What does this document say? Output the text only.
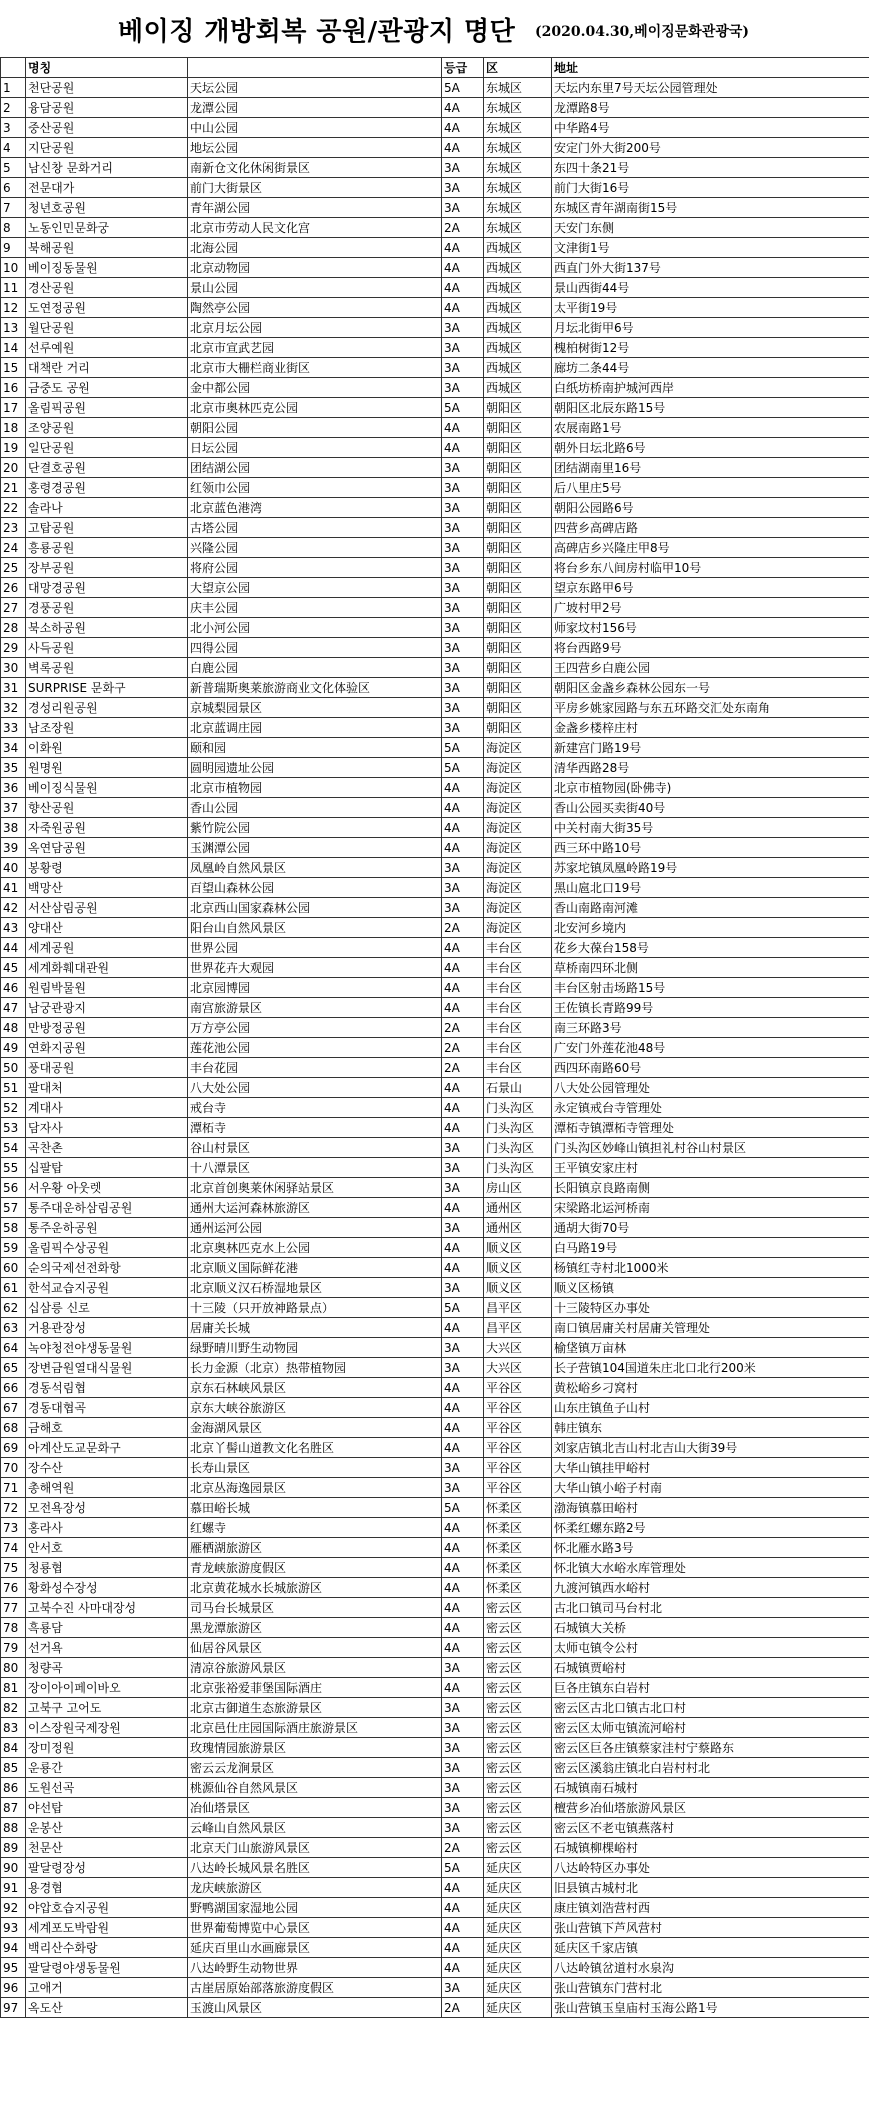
베이징 개방회복 공원/관광지 명단 (2020.04.30,베이징문화관광국)
	명칭		등급	区	地址
1	천단공원	天坛公园	5A	东城区	天坛内东里7号天坛公园管理处
2	융담공원	龙潭公园	4A	东城区	龙潭路8号
3	중산공원	中山公园	4A	东城区	中华路4号
4	지단공원	地坛公园	4A	东城区	安定门外大街200号
5	남신창 문화거리	南新仓文化休闲街景区	3A	东城区	东四十条21号
6	전문대가	前门大街景区	3A	东城区	前门大街16号
7	청년호공원	青年湖公园	3A	东城区	东城区青年湖南街15号
8	노동인민문화궁	北京市劳动人民文化宫	2A	东城区	天安门东侧
9	북해공원	北海公园	4A	西城区	文津街1号
10	베이징동물원	北京动物园	4A	西城区	西直门外大街137号
11	경산공원	景山公园	4A	西城区	景山西街44号
12	도연정공원	陶然亭公园	4A	西城区	太平街19号
13	월단공원	北京月坛公园	3A	西城区	月坛北街甲6号
14	선루예원	北京市宣武艺园	3A	西城区	槐柏树街12号
15	대책란 거리	北京市大栅栏商业街区	3A	西城区	廊坊二条44号
16	금중도 공원	金中都公园	3A	西城区	白纸坊桥南护城河西岸
17	올림픽공원	北京市奥林匹克公园	5A	朝阳区	朝阳区北辰东路15号
18	조양공원	朝阳公园	4A	朝阳区	农展南路1号
19	일단공원	日坛公园	4A	朝阳区	朝外日坛北路6号
20	단결호공원	团结湖公园	3A	朝阳区	团结湖南里16号
21	홍령경공원	红领巾公园	3A	朝阳区	后八里庄5号
22	솔라나	北京蓝色港湾	3A	朝阳区	朝阳公园路6号
23	고탑공원	古塔公园	3A	朝阳区	四营乡高碑店路
24	흥룡공원	兴隆公园	3A	朝阳区	高碑店乡兴隆庄甲8号
25	장부공원	将府公园	3A	朝阳区	将台乡东八间房村临甲10号
26	대망경공원	大望京公园	3A	朝阳区	望京东路甲6号
27	경풍공원	庆丰公园	3A	朝阳区	广坡村甲2号
28	북소하공원	北小河公园	3A	朝阳区	师家坟村156号
29	사득공원	四得公园	3A	朝阳区	将台西路9号
30	벽록공원	白鹿公园	3A	朝阳区	王四营乡白鹿公园
31	SURPRISE 문화구	新普瑞斯奥莱旅游商业文化体验区	3A	朝阳区	朝阳区金盏乡森林公园东一号
32	경성리원공원	京城梨园景区	3A	朝阳区	平房乡姚家园路与东五环路交汇处东南角
33	남조장원	北京蓝调庄园	3A	朝阳区	金盏乡楼梓庄村
34	이화원	颐和园	5A	海淀区	新建宫门路19号
35	원명원	圆明园遗址公园	5A	海淀区	清华西路28号
36	베이징식물원	北京市植物园	4A	海淀区	北京市植物园(卧佛寺)
37	향산공원	香山公园	4A	海淀区	香山公园买卖街40号
38	자죽원공원	紫竹院公园	4A	海淀区	中关村南大街35号
39	옥연담공원	玉渊潭公园	4A	海淀区	西三环中路10号
40	봉황령	凤凰岭自然风景区	3A	海淀区	苏家坨镇凤凰岭路19号
41	백망산	百望山森林公园	3A	海淀区	黑山扈北口19号
42	서산삼림공원	北京西山国家森林公园	3A	海淀区	香山南路南河滩
43	양대산	阳台山自然风景区	2A	海淀区	北安河乡境内
44	세계공원	世界公园	4A	丰台区	花乡大葆台158号
45	세계화훼대관원	世界花卉大观园	4A	丰台区	草桥南四环北侧
46	원림박물원	北京园博园	4A	丰台区	丰台区射击场路15号
47	남궁관광지	南宫旅游景区	4A	丰台区	王佐镇长青路99号
48	만방정공원	万方亭公园	2A	丰台区	南三环路3号
49	연화지공원	莲花池公园	2A	丰台区	广安门外莲花池48号
50	풍대공원	丰台花园	2A	丰台区	西四环南路60号
51	팔대처	八大处公园	4A	石景山	八大处公园管理处
52	계대사	戒台寺	4A	门头沟区	永定镇戒台寺管理处
53	담자사	潭柘寺	4A	门头沟区	潭柘寺镇潭柘寺管理处
54	곡찬촌	谷山村景区	3A	门头沟区	门头沟区妙峰山镇担礼村谷山村景区
55	십팔탑	十八潭景区	3A	门头沟区	王平镇安家庄村
56	서우황 아웃렛	北京首创奥莱休闲驿站景区	3A	房山区	长阳镇京良路南侧
57	통주대운하삼림공원	通州大运河森林旅游区	4A	通州区	宋梁路北运河桥南
58	통주운하공원	通州运河公园	3A	通州区	通胡大街70号
59	올림픽수상공원	北京奥林匹克水上公园	4A	顺义区	白马路19号
60	순의국제선전화항	北京顺义国际鲜花港	4A	顺义区	杨镇红寺村北1000米
61	한석교습지공원	北京顺义汉石桥湿地景区	3A	顺义区	顺义区杨镇
62	십삼릉 신로	十三陵（只开放神路景点）	5A	昌平区	十三陵特区办事处
63	거용관장성	居庸关长城	4A	昌平区	南口镇居庸关村居庸关管理处
64	녹야청전야생동물원	绿野晴川野生动物园	3A	大兴区	榆垡镇万亩林
65	장변금원열대식물원	长力金源（北京）热带植物园	3A	大兴区	长子营镇104国道朱庄北口北行200米
66	경동석림협	京东石林峡风景区	4A	平谷区	黄松峪乡刁窝村
67	경동대협곡	京东大峡谷旅游区	4A	平谷区	山东庄镇鱼子山村
68	금해호	金海湖风景区	4A	平谷区	韩庄镇东
69	아계산도교문화구	北京丫髻山道教文化名胜区	4A	平谷区	刘家店镇北吉山村北吉山大街39号
70	장수산	长寿山景区	3A	平谷区	大华山镇挂甲峪村
71	총해역원	北京丛海逸园景区	3A	平谷区	大华山镇小峪子村南
72	모전욕장성	慕田峪长城	5A	怀柔区	渤海镇慕田峪村
73	홍라사	红螺寺	4A	怀柔区	怀柔红螺东路2号
74	안서호	雁栖湖旅游区	4A	怀柔区	怀北雁水路3号
75	청룡협	青龙峡旅游度假区	4A	怀柔区	怀北镇大水峪水库管理处
76	황화성수장성	北京黄花城水长城旅游区	4A	怀柔区	九渡河镇西水峪村
77	고북수진 사마대장성	司马台长城景区	4A	密云区	古北口镇司马台村北
78	흑룡담	黑龙潭旅游区	4A	密云区	石城镇大关桥
79	선거욕	仙居谷风景区	4A	密云区	太师屯镇令公村
80	청량곡	清凉谷旅游风景区	3A	密云区	石城镇贾峪村
81	장이아이페이바오	北京张裕爱菲堡国际酒庄	4A	密云区	巨各庄镇东白岩村
82	고북구 고어도	北京古御道生态旅游景区	3A	密云区	密云区古北口镇古北口村
83	이스장원국제장원	北京邑仕庄园国际酒庄旅游景区	3A	密云区	密云区太师屯镇流河峪村
84	장미정원	玫瑰情园旅游景区	3A	密云区	密云区巨各庄镇蔡家洼村宁蔡路东
85	운룡간	密云云龙涧景区	3A	密云区	密云区溪翁庄镇北白岩村村北
86	도원선곡	桃源仙谷自然风景区	3A	密云区	石城镇南石城村
87	야선탑	冶仙塔景区	3A	密云区	檀营乡冶仙塔旅游风景区
88	운봉산	云峰山自然风景区	3A	密云区	密云区不老屯镇燕落村
89	천문산	北京天门山旅游风景区	2A	密云区	石城镇柳棵峪村
90	팔달령장성	八达岭长城风景名胜区	5A	延庆区	八达岭特区办事处
91	용경협	龙庆峡旅游区	4A	延庆区	旧县镇古城村北
92	야압호습지공원	野鸭湖国家湿地公园	4A	延庆区	康庄镇刘浩营村西
93	세계포도박람원	世界葡萄博览中心景区	4A	延庆区	张山营镇下芦风营村
94	백리산수화랑	延庆百里山水画廊景区	4A	延庆区	延庆区千家店镇
95	팔달령야생동물원	八达岭野生动物世界	4A	延庆区	八达岭镇岔道村水泉沟
96	고애거	古崖居原始部落旅游度假区	3A	延庆区	张山营镇东门营村北
97	옥도산	玉渡山风景区	2A	延庆区	张山营镇玉皇庙村玉海公路1号
